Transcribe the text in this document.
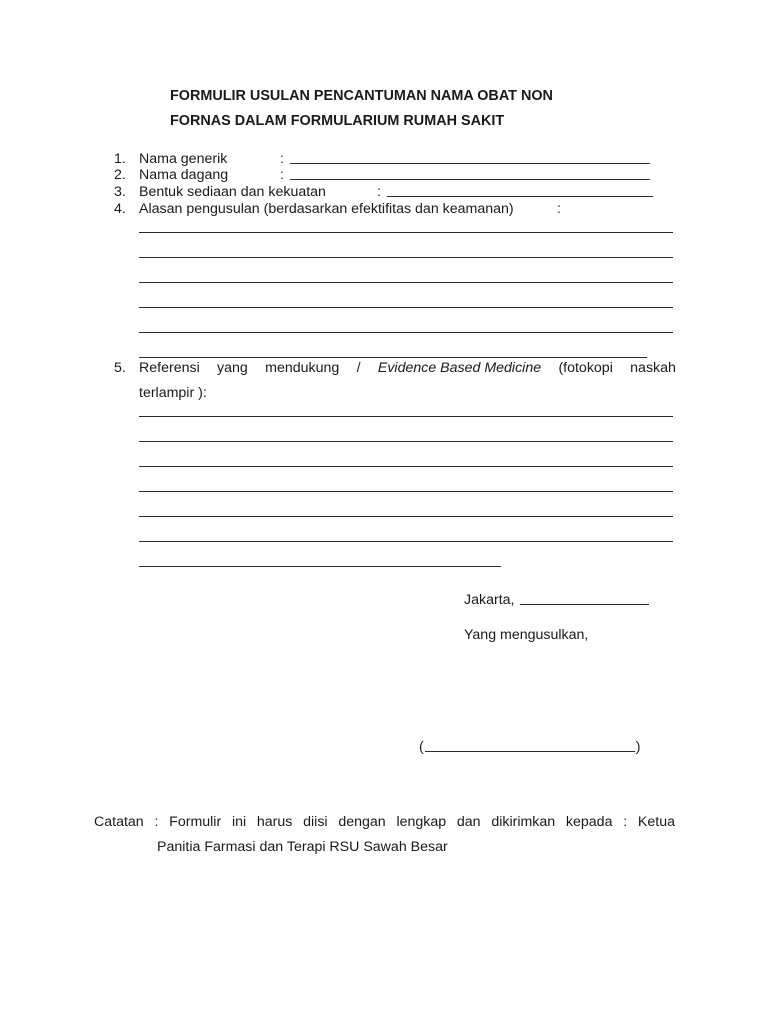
FORMULIR USULAN PENCANTUMAN NAMA OBAT NON
FORNAS DALAM FORMULARIUM RUMAH SAKIT
1. Nama generik	:
2. Nama dagang	:
3. Bentuk sediaan dan kekuatan	:
4. Alasan pengusulan (berdasarkan efektifitas dan keamanan)	:
5. Referensi yang mendukung / Evidence Based Medicine (fotokopi naskah
terlampir ):
Jakarta,
Yang mengusulkan,
(	)
Catatan : Formulir ini harus diisi dengan lengkap dan dikirimkan kepada : Ketua
Panitia Farmasi dan Terapi RSU Sawah Besar
